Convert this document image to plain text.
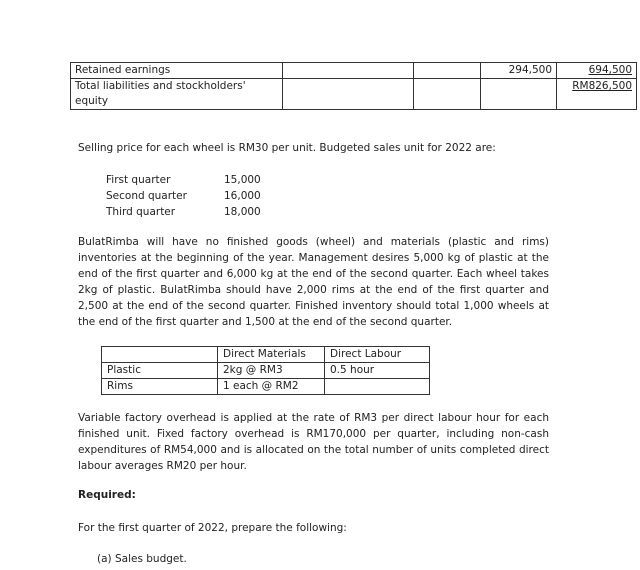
Retained earnings			294,500	694,500
Total liabilities and stockholders' equity				RM826,500
Selling price for each wheel is RM30 per unit. Budgeted sales unit for 2022 are:
First quarter	15,000
Second quarter	16,000
Third quarter	18,000
BulatRimba will have no finished goods (wheel) and materials (plastic and rims) inventories at the beginning of the year. Management desires 5,000 kg of plastic at the end of the first quarter and 6,000 kg at the end of the second quarter. Each wheel takes 2kg of plastic. BulatRimba should have 2,000 rims at the end of the first quarter and 2,500 at the end of the second quarter. Finished inventory should total 1,000 wheels at the end of the first quarter and 1,500 at the end of the second quarter.
	Direct Materials	Direct Labour
Plastic	2kg @ RM3	0.5 hour
Rims	1 each @ RM2	
Variable factory overhead is applied at the rate of RM3 per direct labour hour for each finished unit. Fixed factory overhead is RM170,000 per quarter, including non-cash expenditures of RM54,000 and is allocated on the total number of units completed direct labour averages RM20 per hour.
Required:
For the first quarter of 2022, prepare the following:
(a) Sales budget.
